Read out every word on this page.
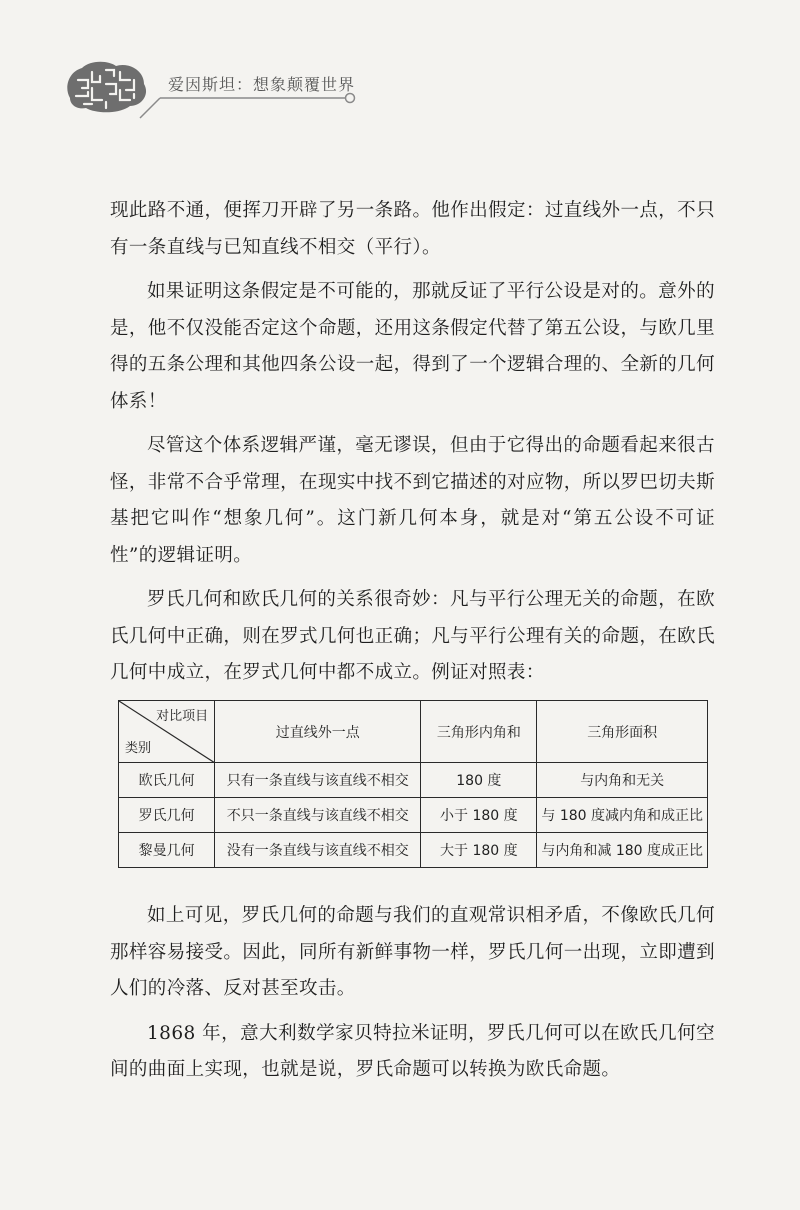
爱因斯坦：想象颠覆世界

现此路不通，便挥刀开辟了另一条路。他作出假定：过直线外一点，不只有一条直线与已知直线不相交（平行）。

如果证明这条假定是不可能的，那就反证了平行公设是对的。意外的是，他不仅没能否定这个命题，还用这条假定代替了第五公设，与欧几里得的五条公理和其他四条公设一起，得到了一个逻辑合理的、全新的几何体系！

尽管这个体系逻辑严谨，毫无谬误，但由于它得出的命题看起来很古怪，非常不合乎常理，在现实中找不到它描述的对应物，所以罗巴切夫斯基把它叫作“想象几何”。这门新几何本身，就是对“第五公设不可证性”的逻辑证明。

罗氏几何和欧氏几何的关系很奇妙：凡与平行公理无关的命题，在欧氏几何中正确，则在罗式几何也正确；凡与平行公理有关的命题，在欧氏几何中成立，在罗式几何中都不成立。例证对照表：

对比项目
类别	过直线外一点	三角形内角和	三角形面积
欧氏几何	只有一条直线与该直线不相交	180 度	与内角和无关
罗氏几何	不只一条直线与该直线不相交	小于 180 度	与 180 度减内角和成正比
黎曼几何	没有一条直线与该直线不相交	大于 180 度	与内角和减 180 度成正比

如上可见，罗氏几何的命题与我们的直观常识相矛盾，不像欧氏几何那样容易接受。因此，同所有新鲜事物一样，罗氏几何一出现，立即遭到人们的冷落、反对甚至攻击。

1868 年，意大利数学家贝特拉米证明，罗氏几何可以在欧氏几何空间的曲面上实现，也就是说，罗氏命题可以转换为欧氏命题。
